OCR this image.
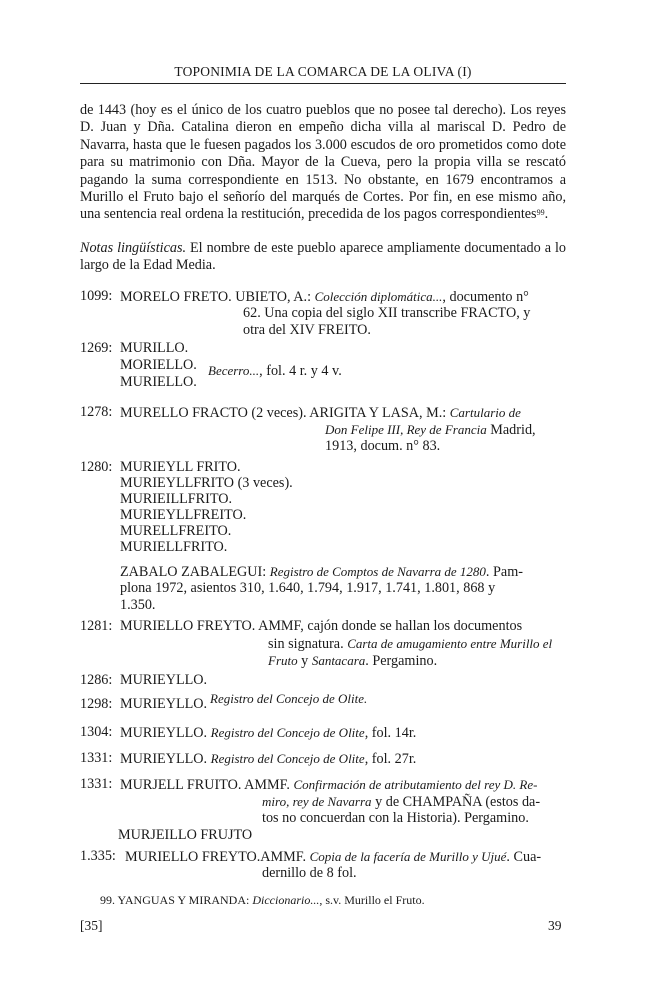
TOPONIMIA DE LA COMARCA DE LA OLIVA (I)
de 1443 (hoy es el único de los cuatro pueblos que no posee tal derecho). Los reyes D. Juan y Dña. Catalina dieron en empeño dicha villa al mariscal D. Pedro de Navarra, hasta que le fuesen pagados los 3.000 escudos de oro prometidos como dote para su matrimonio con Dña. Mayor de la Cueva, pero la propia villa se rescató pagando la suma correspondiente en 1513. No obstante, en 1679 encontramos a Murillo el Fruto bajo el señorío del marqués de Cortes. Por fin, en ese mismo año, una sentencia real ordena la restitución, precedida de los pagos correspondientes$^{99}$.
Notas lingüísticas. El nombre de este pueblo aparece ampliamente documentado a lo largo de la Edad Media.
1099: MORELO FRETO. UBIETO, A.: Colección diplomática..., documento n°
62. Una copia del siglo XII transcribe FRACTO, y
otra del XIV FREITO.
1269: MURILLO.
MORIELLO.
MURIELLO.
Becerro..., fol. 4 r. y 4 v.
1278: MURELLO FRACTO (2 veces). ARIGITA Y LASA, M.: Cartulario de
Don Felipe III, Rey de Francia Madrid,
1913, docum. n° 83.
1280: MURIEYLL FRITO.
MURIEYLLFRITO (3 veces).
MURIEILLFRITO.
MURIEYLLFREITO.
MURELLFREITO.
MURIELLFRITO.
ZABALO ZABALEGUI: Registro de Comptos de Navarra de 1280. Pam-
plona 1972, asientos 310, 1.640, 1.794, 1.917, 1.741, 1.801, 868 y
1.350.
1281: MURIELLO FREYTO. AMMF, cajón donde se hallan los documentos
sin signatura. Carta de amugamiento entre Murillo el
Fruto y Santacara. Pergamino.
1286: MURIEYLLO.
1298: MURIEYLLO. Registro del Concejo de Olite.
1304: MURIEYLLO. Registro del Concejo de Olite, fol. 14r.
1331: MURIEYLLO. Registro del Concejo de Olite, fol. 27r.
1331: MURJELL FRUITO. AMMF. Confirmación de atributamiento del rey D. Re-
miro, rey de Navarra y de CHAMPAÑA (estos da-
tos no concuerdan con la Historia). Pergamino.
MURJEILLO FRUJTO
1.335: MURIELLO FREYTO.AMMF. Copia de la facería de Murillo y Ujué. Cua-
dernillo de 8 fol.
99. YANGUAS Y MIRANDA: Diccionario..., s.v. Murillo el Fruto.
[35]	39
